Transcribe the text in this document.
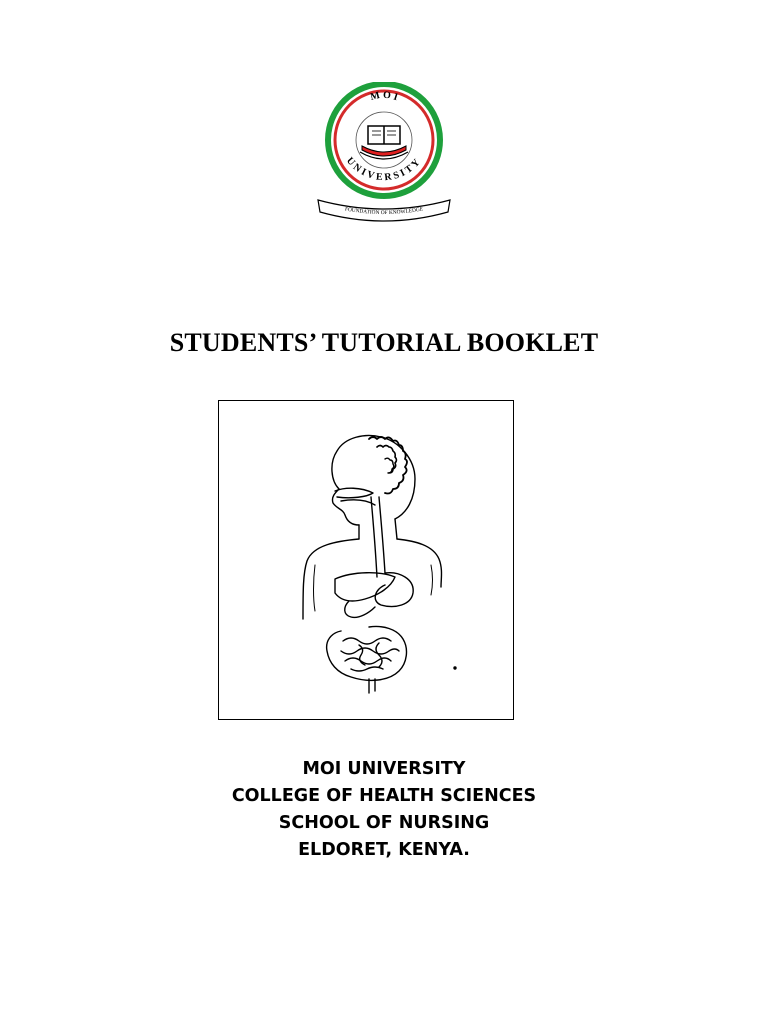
M O I
UNIVERSITY
FOUNDATION OF KNOWLEDGE
STUDENTS’ TUTORIAL BOOKLET
MOI UNIVERSITY
COLLEGE OF HEALTH SCIENCES
SCHOOL OF NURSING
ELDORET, KENYA.
